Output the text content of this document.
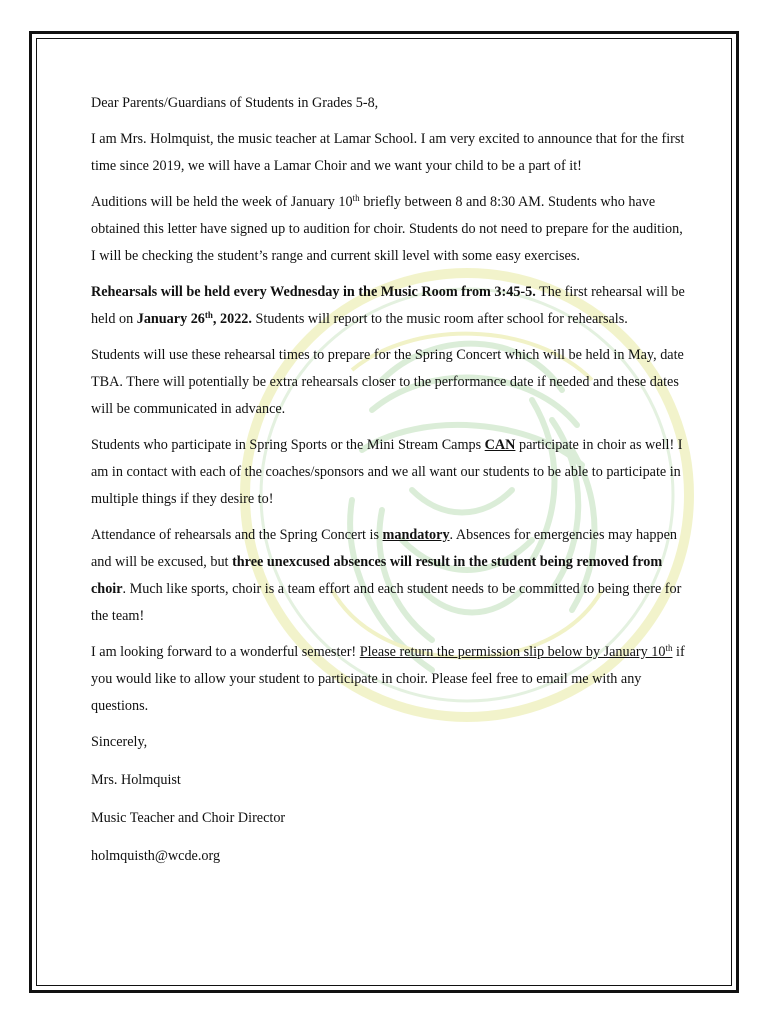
Dear Parents/Guardians of Students in Grades 5-8,

I am Mrs. Holmquist, the music teacher at Lamar School. I am very excited to announce that for the first time since 2019, we will have a Lamar Choir and we want your child to be a part of it!

Auditions will be held the week of January 10th briefly between 8 and 8:30 AM. Students who have obtained this letter have signed up to audition for choir. Students do not need to prepare for the audition, I will be checking the student’s range and current skill level with some easy exercises.

Rehearsals will be held every Wednesday in the Music Room from 3:45-5. The first rehearsal will be held on January 26th, 2022. Students will report to the music room after school for rehearsals.

Students will use these rehearsal times to prepare for the Spring Concert which will be held in May, date TBA. There will potentially be extra rehearsals closer to the performance date if needed and these dates will be communicated in advance.

Students who participate in Spring Sports or the Mini Stream Camps CAN participate in choir as well! I am in contact with each of the coaches/sponsors and we all want our students to be able to participate in multiple things if they desire to!

Attendance of rehearsals and the Spring Concert is mandatory. Absences for emergencies may happen and will be excused, but three unexcused absences will result in the student being removed from choir. Much like sports, choir is a team effort and each student needs to be committed to being there for the team!

I am looking forward to a wonderful semester! Please return the permission slip below by January 10th if you would like to allow your student to participate in choir. Please feel free to email me with any questions.

Sincerely,

Mrs. Holmquist

Music Teacher and Choir Director

holmquisth@wcde.org
